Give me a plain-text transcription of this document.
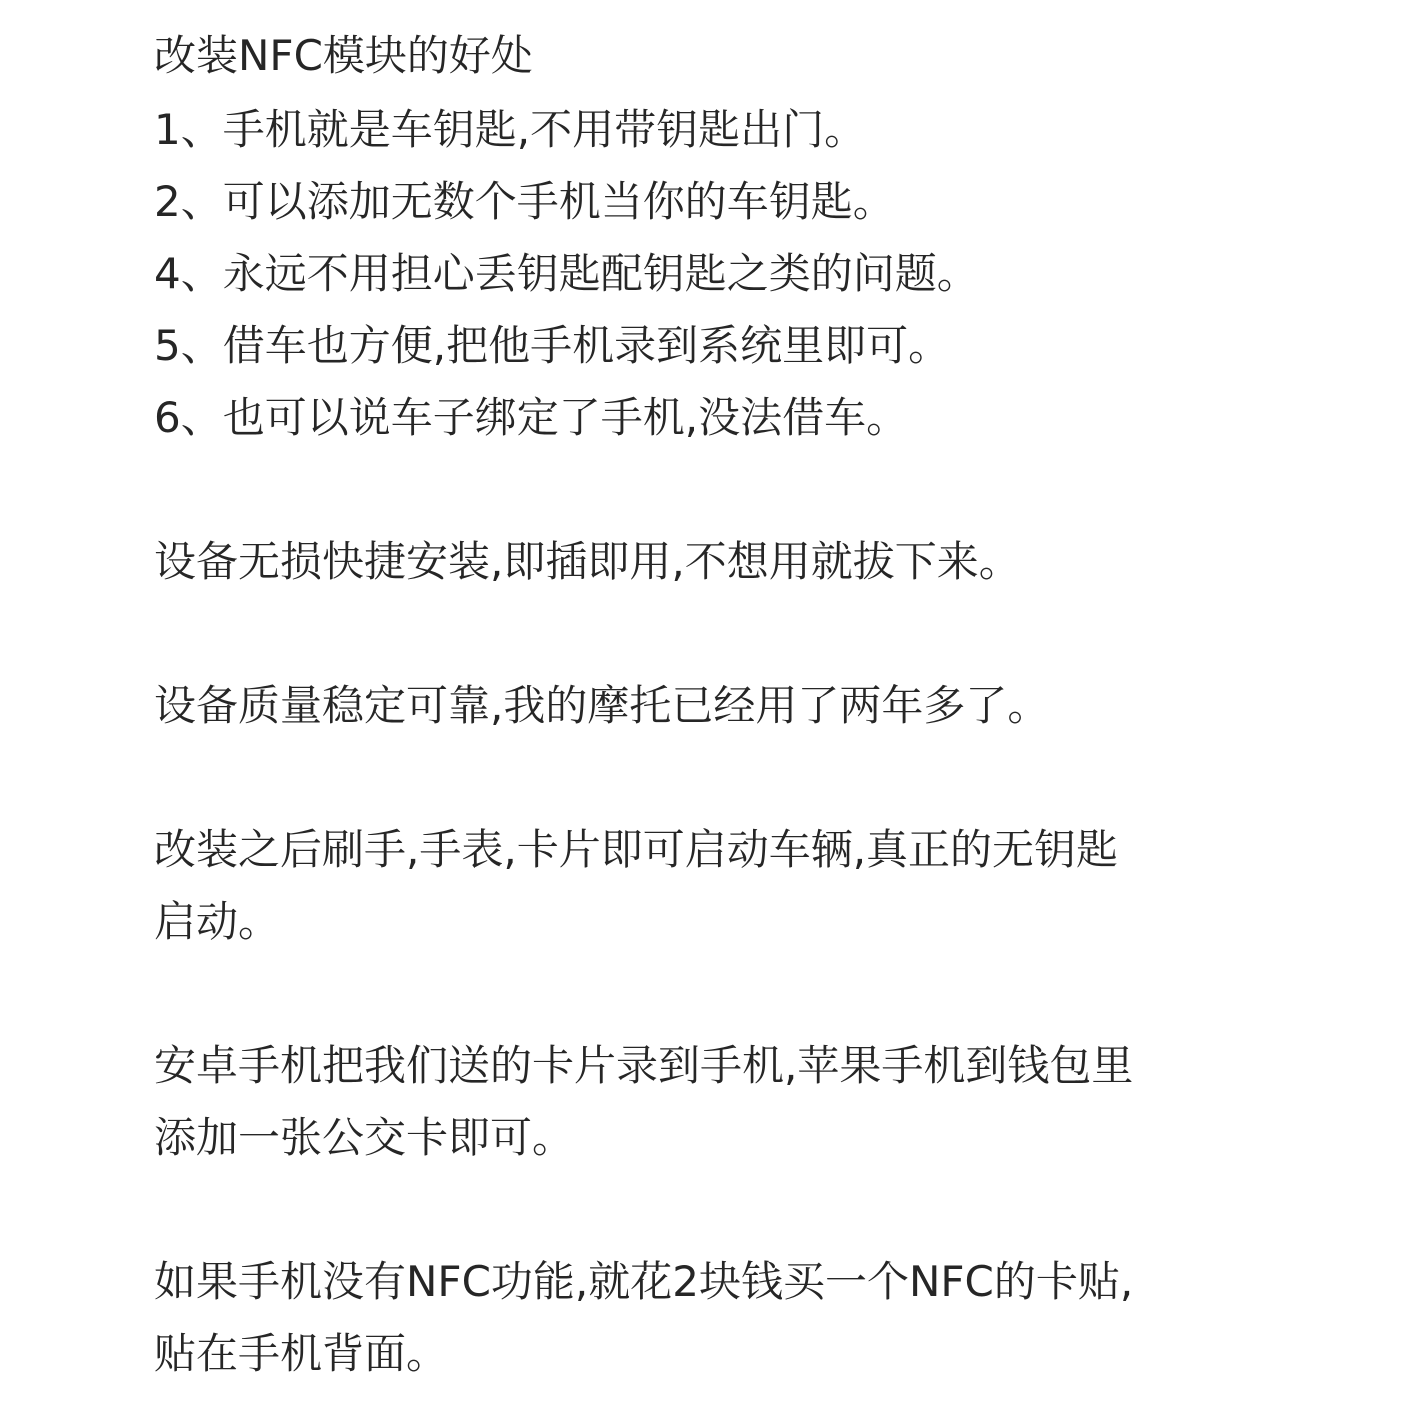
改装NFC模块的好处

1、手机就是车钥匙,不用带钥匙出门。

2、可以添加无数个手机当你的车钥匙。

4、永远不用担心丢钥匙配钥匙之类的问题。

5、借车也方便,把他手机录到系统里即可。

6、也可以说车子绑定了手机,没法借车。

设备无损快捷安装,即插即用,不想用就拔下来。

设备质量稳定可靠,我的摩托已经用了两年多了。

改装之后刷手,手表,卡片即可启动车辆,真正的无钥匙

启动。

安卓手机把我们送的卡片录到手机,苹果手机到钱包里

添加一张公交卡即可。

如果手机没有NFC功能,就花2块钱买一个NFC的卡贴,

贴在手机背面。
